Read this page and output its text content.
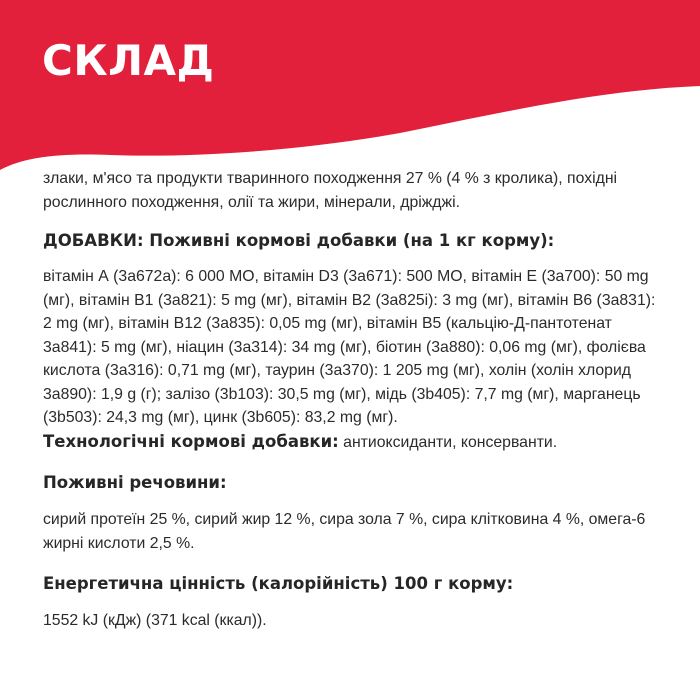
СКЛАД

злаки, м'ясо та продукти тваринного походження 27 % (4 % з кролика), похідні рослинного походження, олії та жири, мінерали, дріжджі.

ДОБАВКИ: Поживні кормові добавки (на 1 кг корму):

вітамін А (3а672а): 6 000 МО, вітамін D3 (3а671): 500 МО, вітамін Е (3а700): 50 mg (мг), вітамін В1 (3а821): 5 mg (мг), вітамін В2 (3а825і): 3 mg (мг), вітамін В6 (3а831): 2 mg (мг), вітамін В12 (3а835): 0,05 mg (мг), вітамін В5 (кальцію-Д-пантотенат 3а841): 5 mg (мг), ніацин (3а314): 34 mg (мг), біотин (3а880): 0,06 mg (мг), фолієва кислота (3а316): 0,71 mg (мг), таурин (3а370): 1 205 mg (мг), холін (холін хлорид 3а890): 1,9 g (г); залізо (3b103): 30,5 mg (мг), мідь (3b405): 7,7 mg (мг), марганець (3b503): 24,3 mg (мг), цинк (3b605): 83,2 mg (мг).

Технологічні кормові добавки: антиоксиданти, консерванти.

Поживні речовини:

сирий протеїн 25 %, сирий жир 12 %, сира зола 7 %, сира клітковина 4 %, омега-6 жирні кислоти 2,5 %.

Енергетична цінність (калорійність) 100 г корму:

1552 kJ (кДж) (371 kcal (ккал)).
